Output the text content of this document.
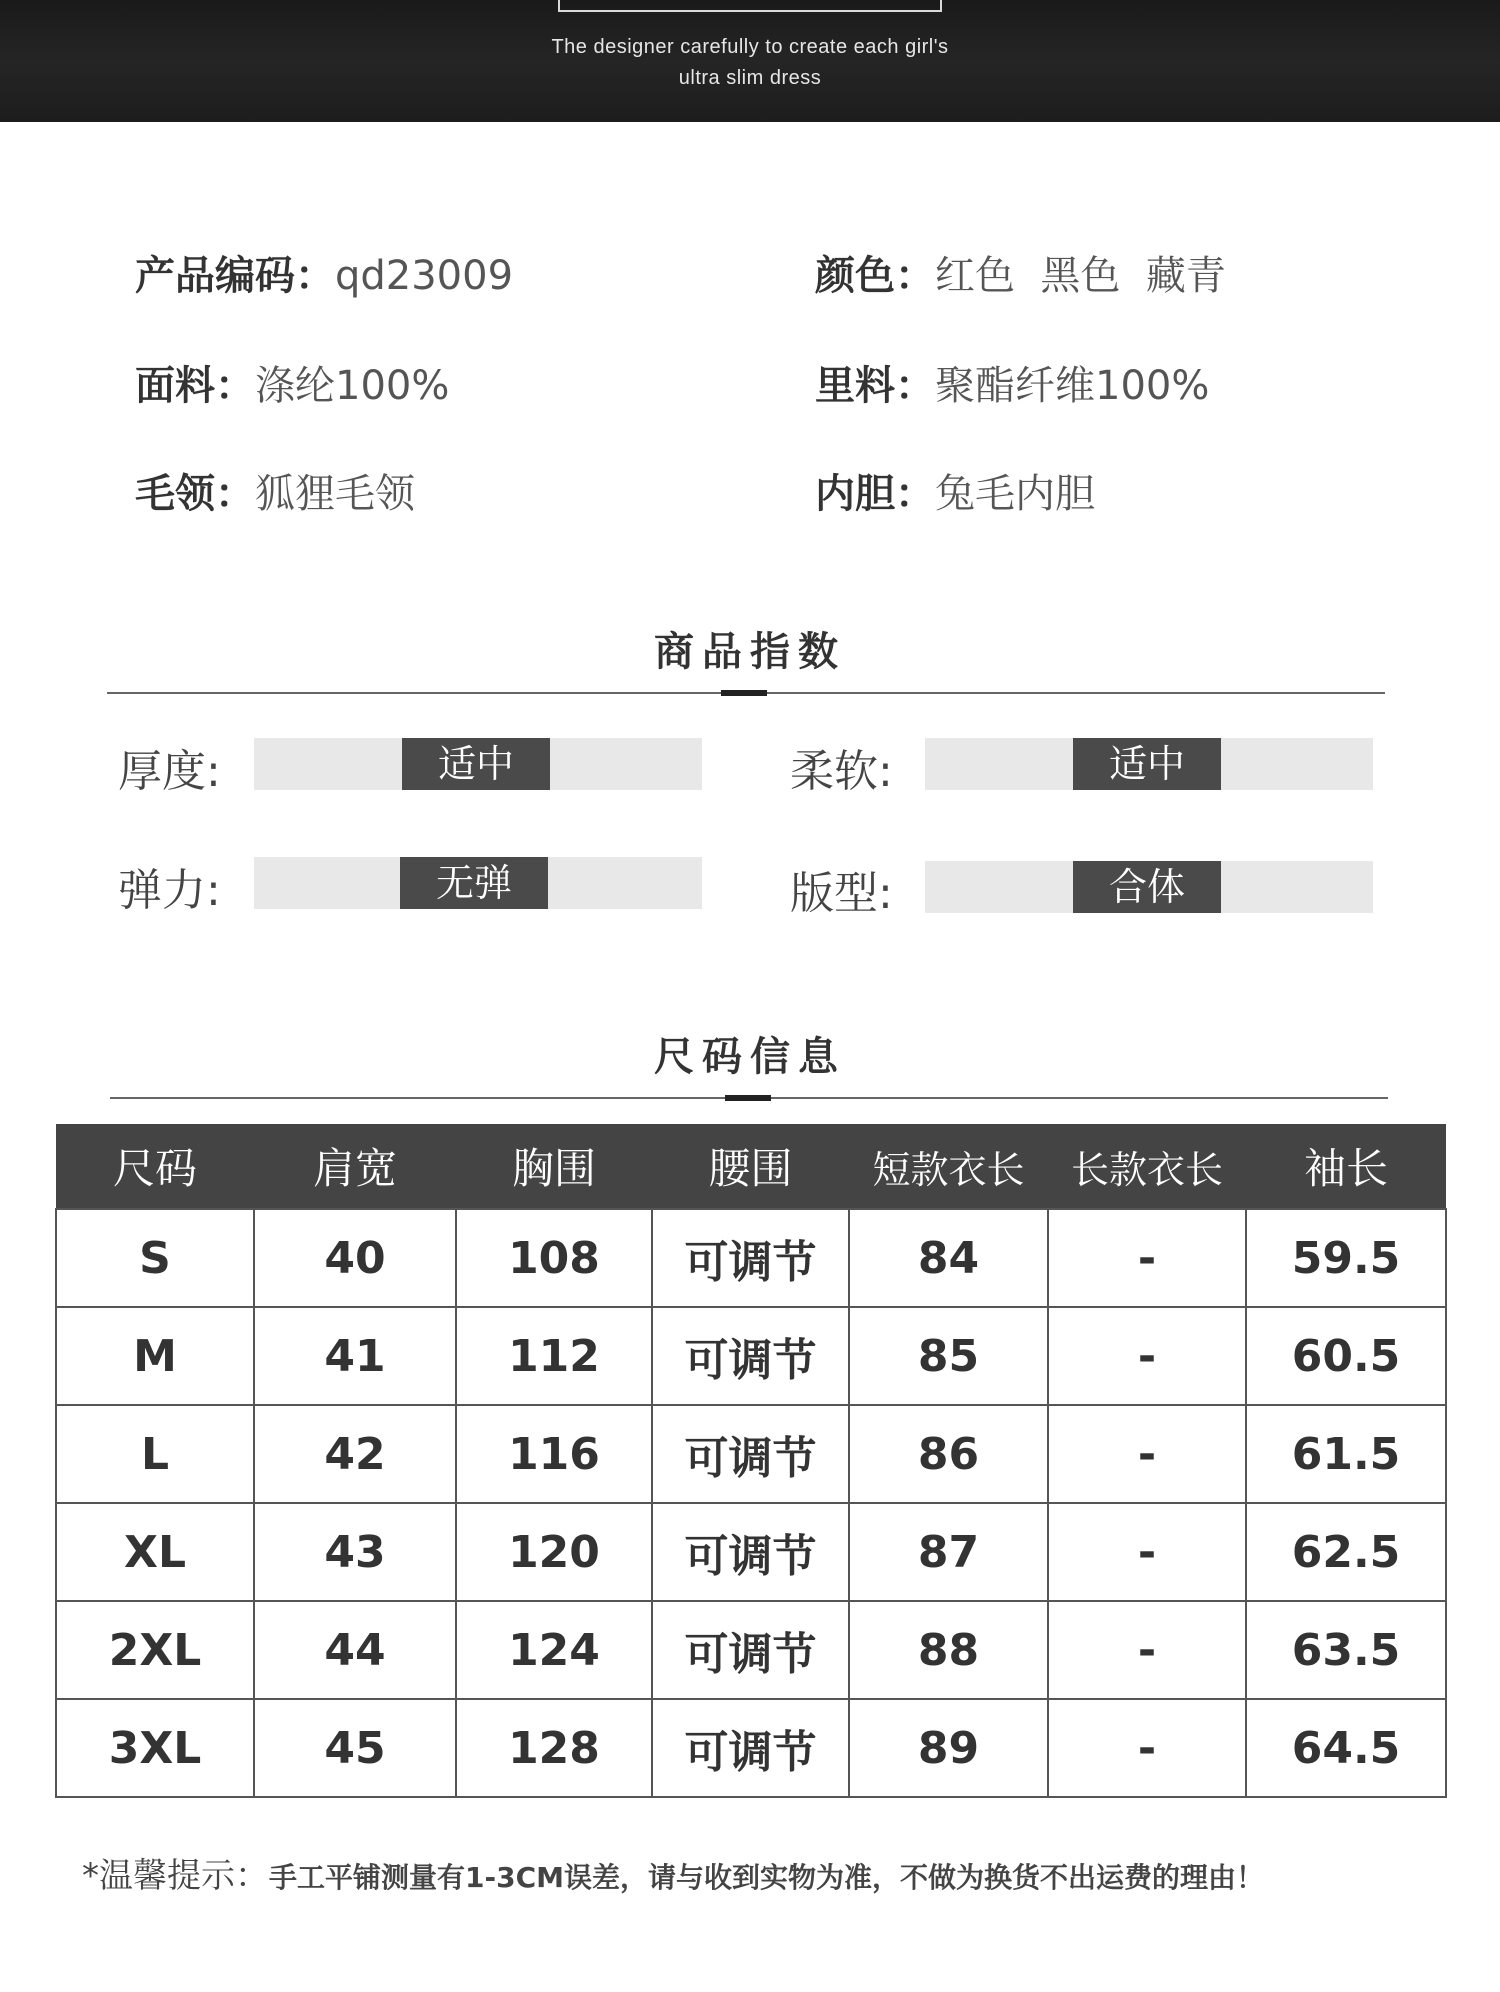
The designer carefully to create each girl's
ultra slim dress
产品编码：qd23009	颜色：红色  黑色  藏青
面料：涤纶100%	里料：聚酯纤维100%
毛领：狐狸毛领	内胆：兔毛内胆
商品指数
厚度:	适中	柔软:	适中
弹力:	无弹	版型:	合体
尺码信息
尺码	肩宽	胸围	腰围	短款衣长	长款衣长	袖长
S	40	108	可调节	84	-	59.5
M	41	112	可调节	85	-	60.5
L	42	116	可调节	86	-	61.5
XL	43	120	可调节	87	-	62.5
2XL	44	124	可调节	88	-	63.5
3XL	45	128	可调节	89	-	64.5
*温馨提示：手工平铺测量有1-3CM误差，请与收到实物为准，不做为换货不出运费的理由！
